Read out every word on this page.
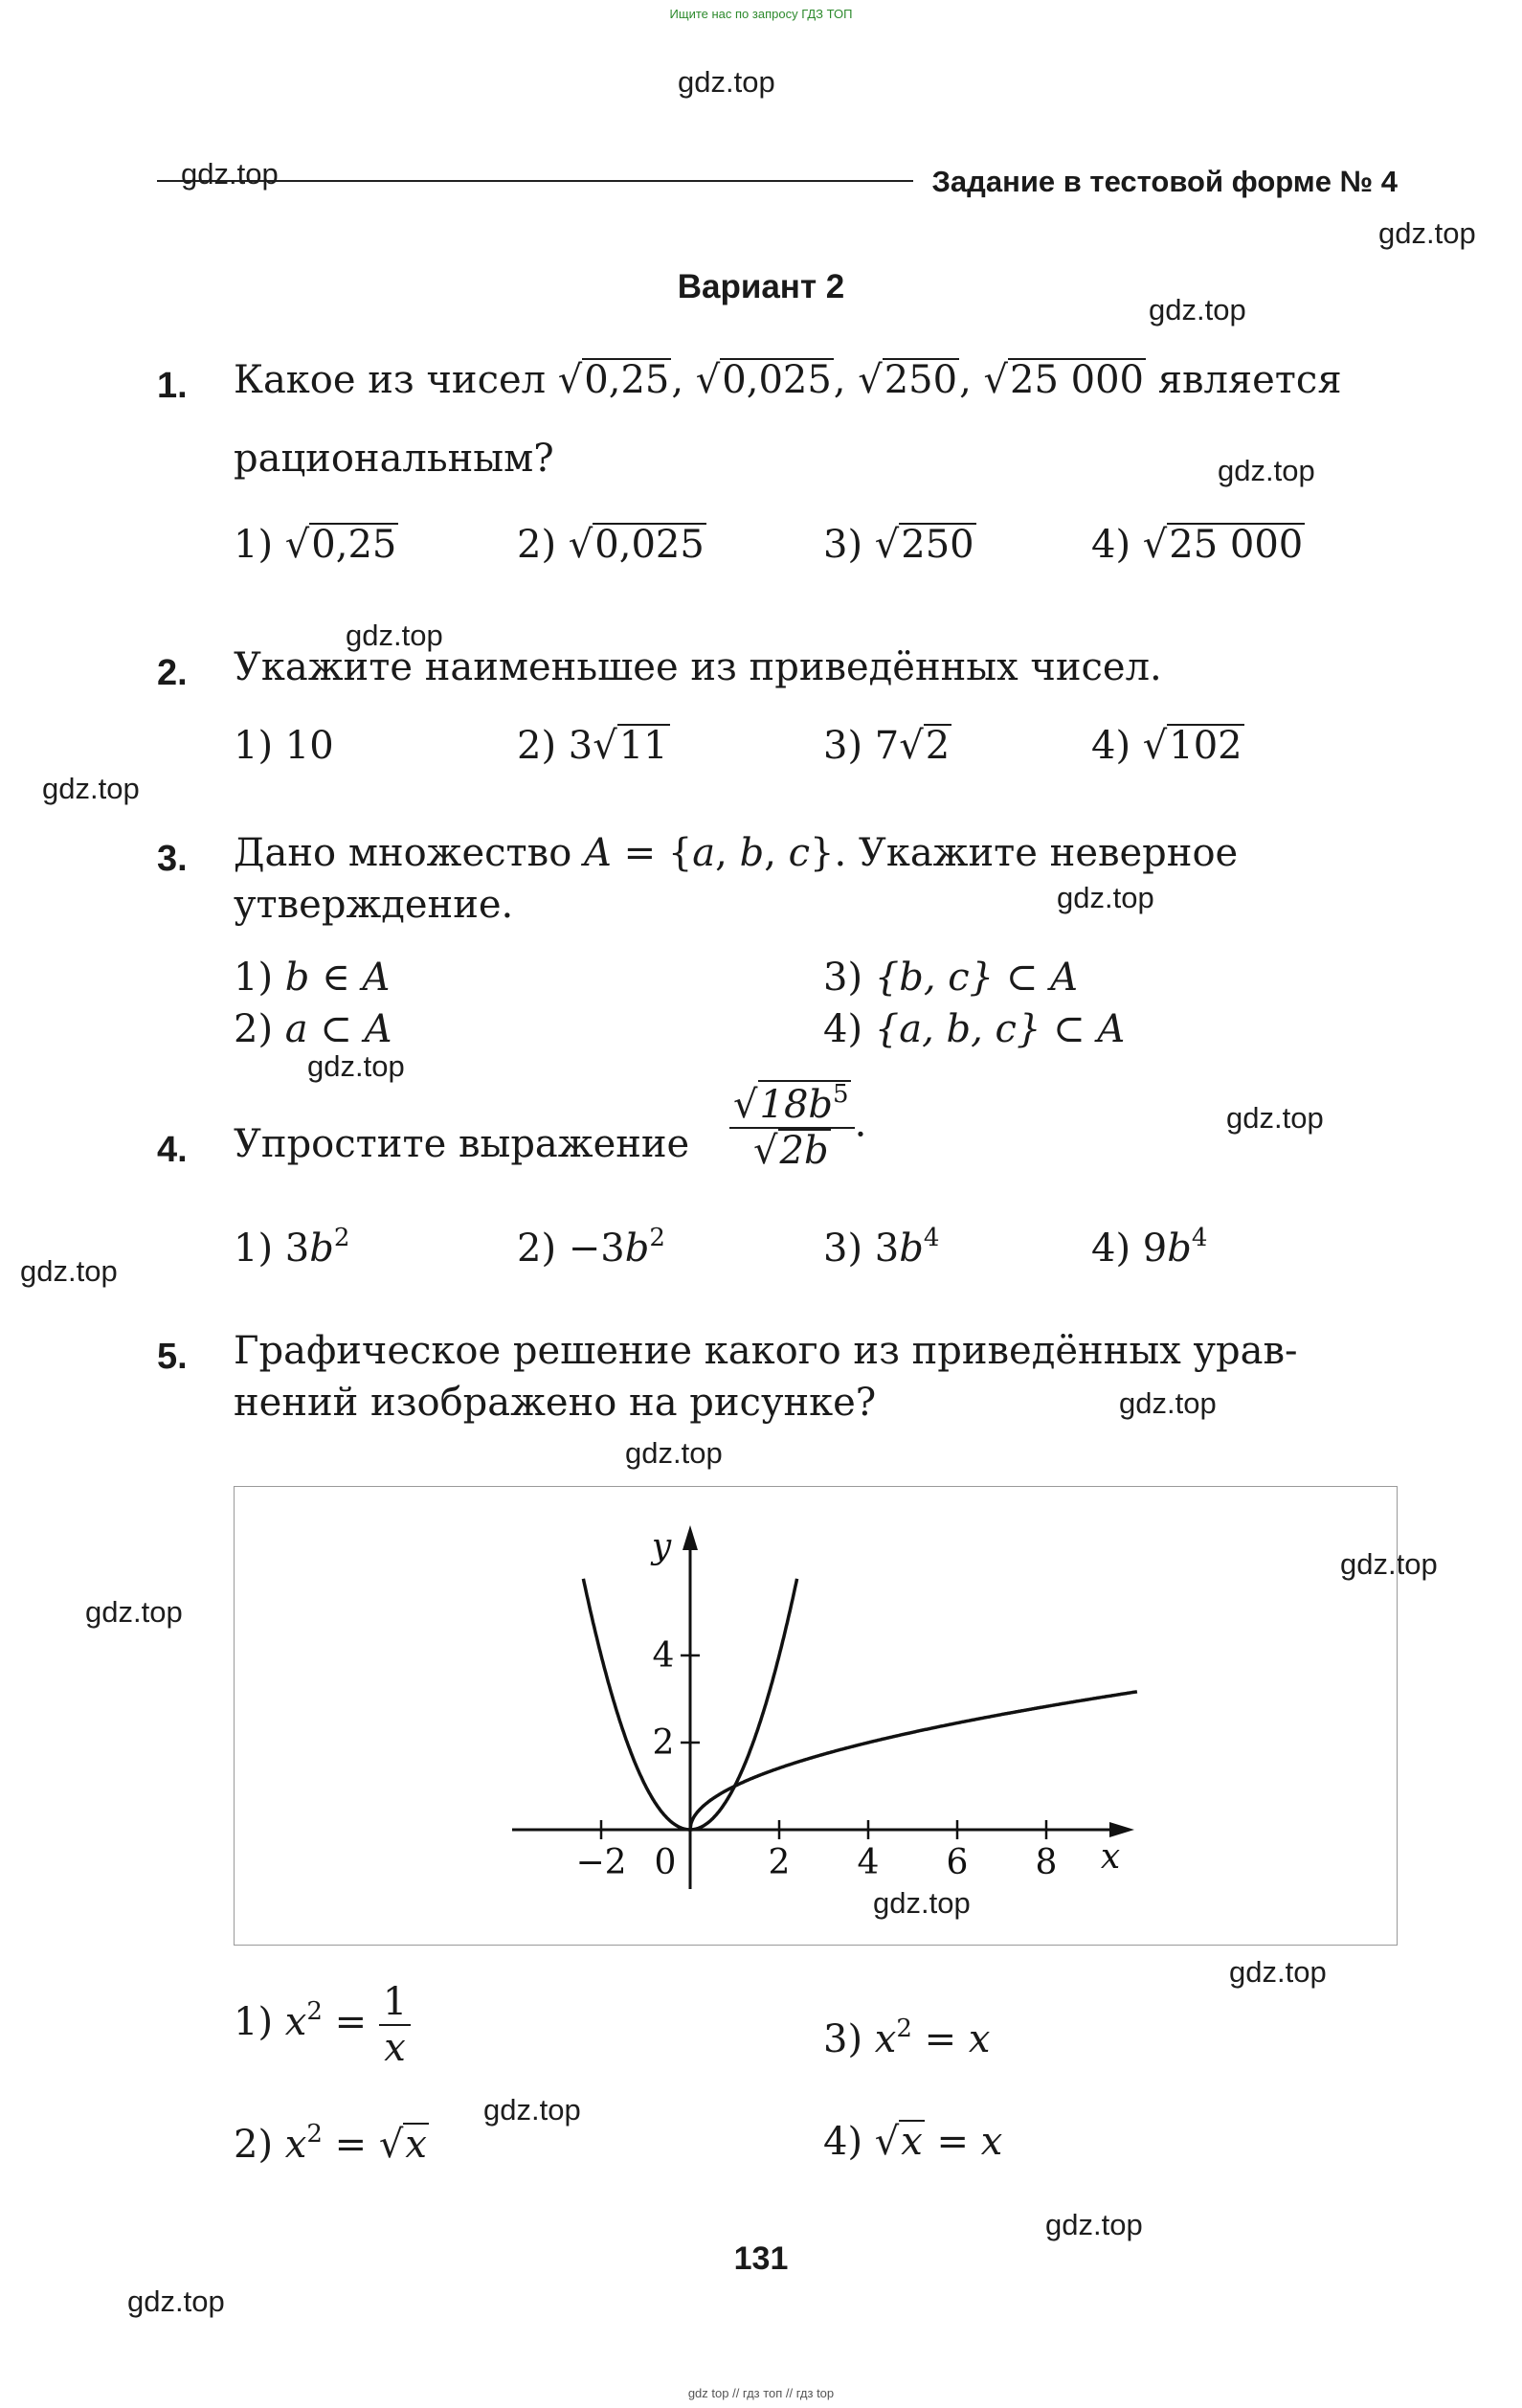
Ищите нас по запросу ГДЗ ТОП
Задание в тестовой форме № 4
Вариант 2
gdz.top
gdz.top
gdz.top
gdz.top
gdz.top
gdz.top
gdz.top
gdz.top
gdz.top
gdz.top
gdz.top
gdz.top
gdz.top
gdz.top
gdz.top
gdz.top
gdz.top
gdz.top
gdz.top
gdz.top
1. Какое из чисел √0,25, √0,025, √250, √25 000 является
рациональным?
1) √0,25	2) √0,025	3) √250	4) √25 000
2. Укажите наименьшее из приведённых чисел.
1) 10	2) 3√11	3) 7√2	4) √102
3. Дано множество A = {a, b, c}. Укажите неверное
утверждение.
1) b ∈ A
2) a ⊂ A
3) {b, c} ⊂ A
4) {a, b, c} ⊂ A
4. Упростите выражение $\frac{√18b^5}{√2b}$ .
1) $3b^2$	$2) -3b^2$	3) $3b^4$	4) $9b^4$
5. Графическое решение какого из приведённых урав-
нений изображено на рисунке?
−2 0	2 4 6 8
2
4
x
y
1) $x^2 = \frac{1}{x}$
2) $x^2 = √x$
3) $x^2 = x$
4) √x = x
131
gdz top // гдз топ // гдз top
